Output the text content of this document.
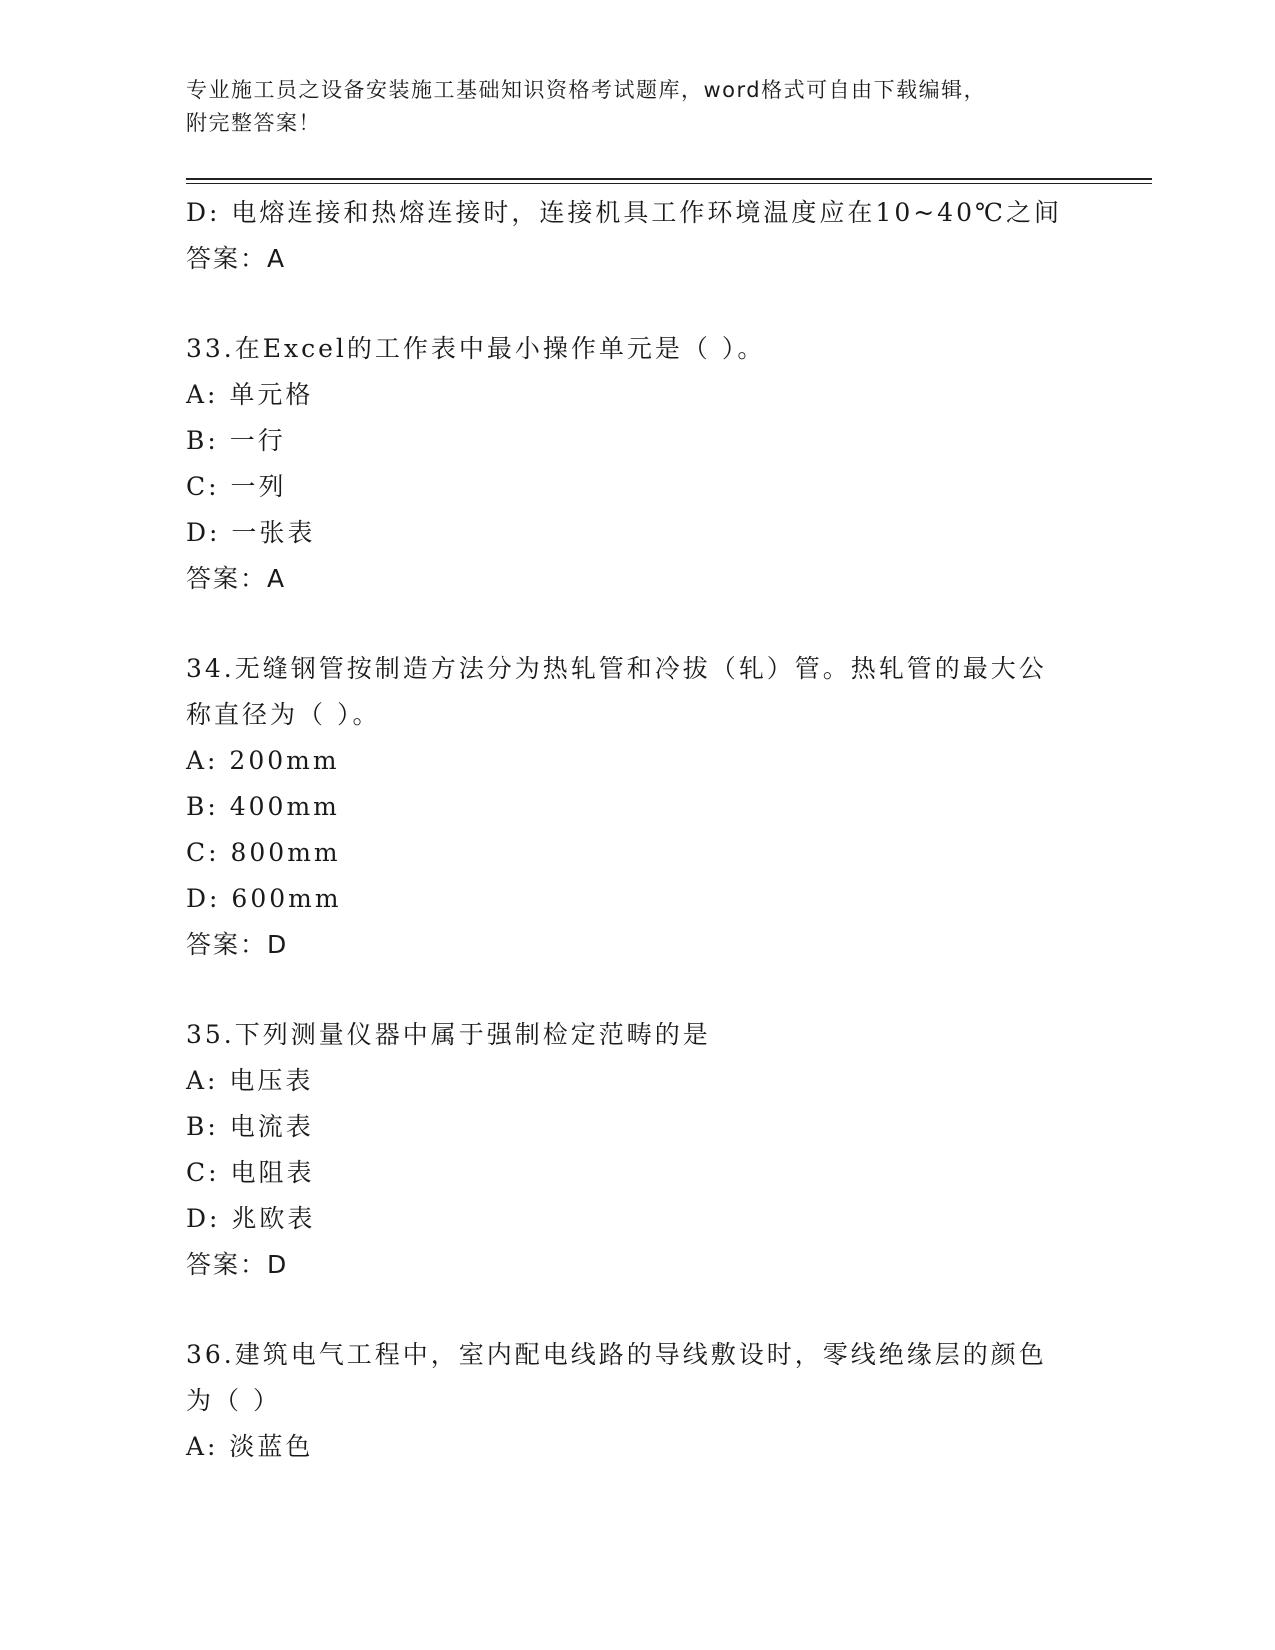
专业施工员之设备安装施工基础知识资格考试题库，word格式可自由下载编辑，
附完整答案！
D: 电熔连接和热熔连接时，连接机具工作环境温度应在10~40℃之间
答案：A
33.在Excel的工作表中最小操作单元是（ ）。
A: 单元格
B: 一行
C: 一列
D: 一张表
答案：A
34.无缝钢管按制造方法分为热轧管和冷拔（轧）管。热轧管的最大公
称直径为（ ）。
A: 200mm
B: 400mm
C: 800mm
D: 600mm
答案：D
35.下列测量仪器中属于强制检定范畴的是
A: 电压表
B: 电流表
C: 电阻表
D: 兆欧表
答案：D
36.建筑电气工程中，室内配电线路的导线敷设时，零线绝缘层的颜色
为（ ）
A: 淡蓝色
